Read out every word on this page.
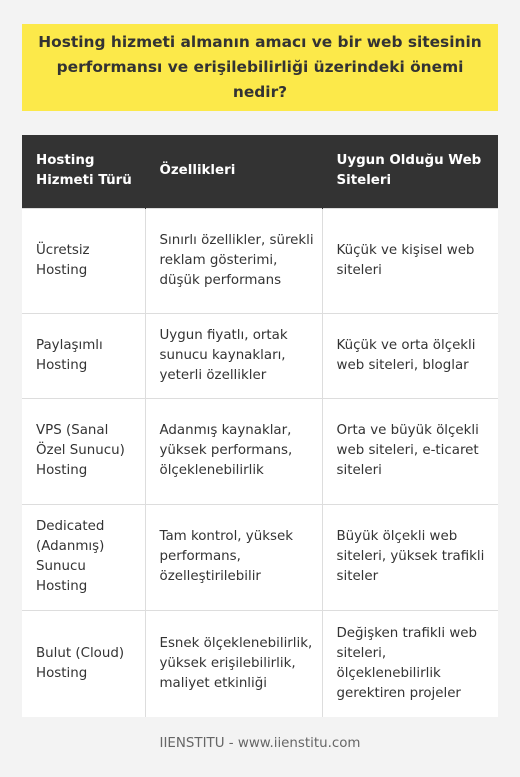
Hosting hizmeti almanın amacı ve bir web sitesinin performansı ve erişilebilirliği üzerindeki önemi nedir?
Hosting Hizmeti Türü	Özellikleri	Uygun Olduğu Web Siteleri
Ücretsiz Hosting	Sınırlı özellikler, sürekli reklam gösterimi, düşük performans	Küçük ve kişisel web siteleri
Paylaşımlı Hosting	Uygun fiyatlı, ortak sunucu kaynakları, yeterli özellikler	Küçük ve orta ölçekli web siteleri, bloglar
VPS (Sanal Özel Sunucu) Hosting	Adanmış kaynaklar, yüksek performans, ölçeklenebilirlik	Orta ve büyük ölçekli web siteleri, e-ticaret siteleri
Dedicated (Adanmış) Sunucu Hosting	Tam kontrol, yüksek performans, özelleştirilebilir	Büyük ölçekli web siteleri, yüksek trafikli siteler
Bulut (Cloud) Hosting	Esnek ölçeklenebilirlik, yüksek erişilebilirlik, maliyet etkinliği	Değişken trafikli web siteleri, ölçeklenebilirlik gerektiren projeler
IIENSTITU - www.iienstitu.com
